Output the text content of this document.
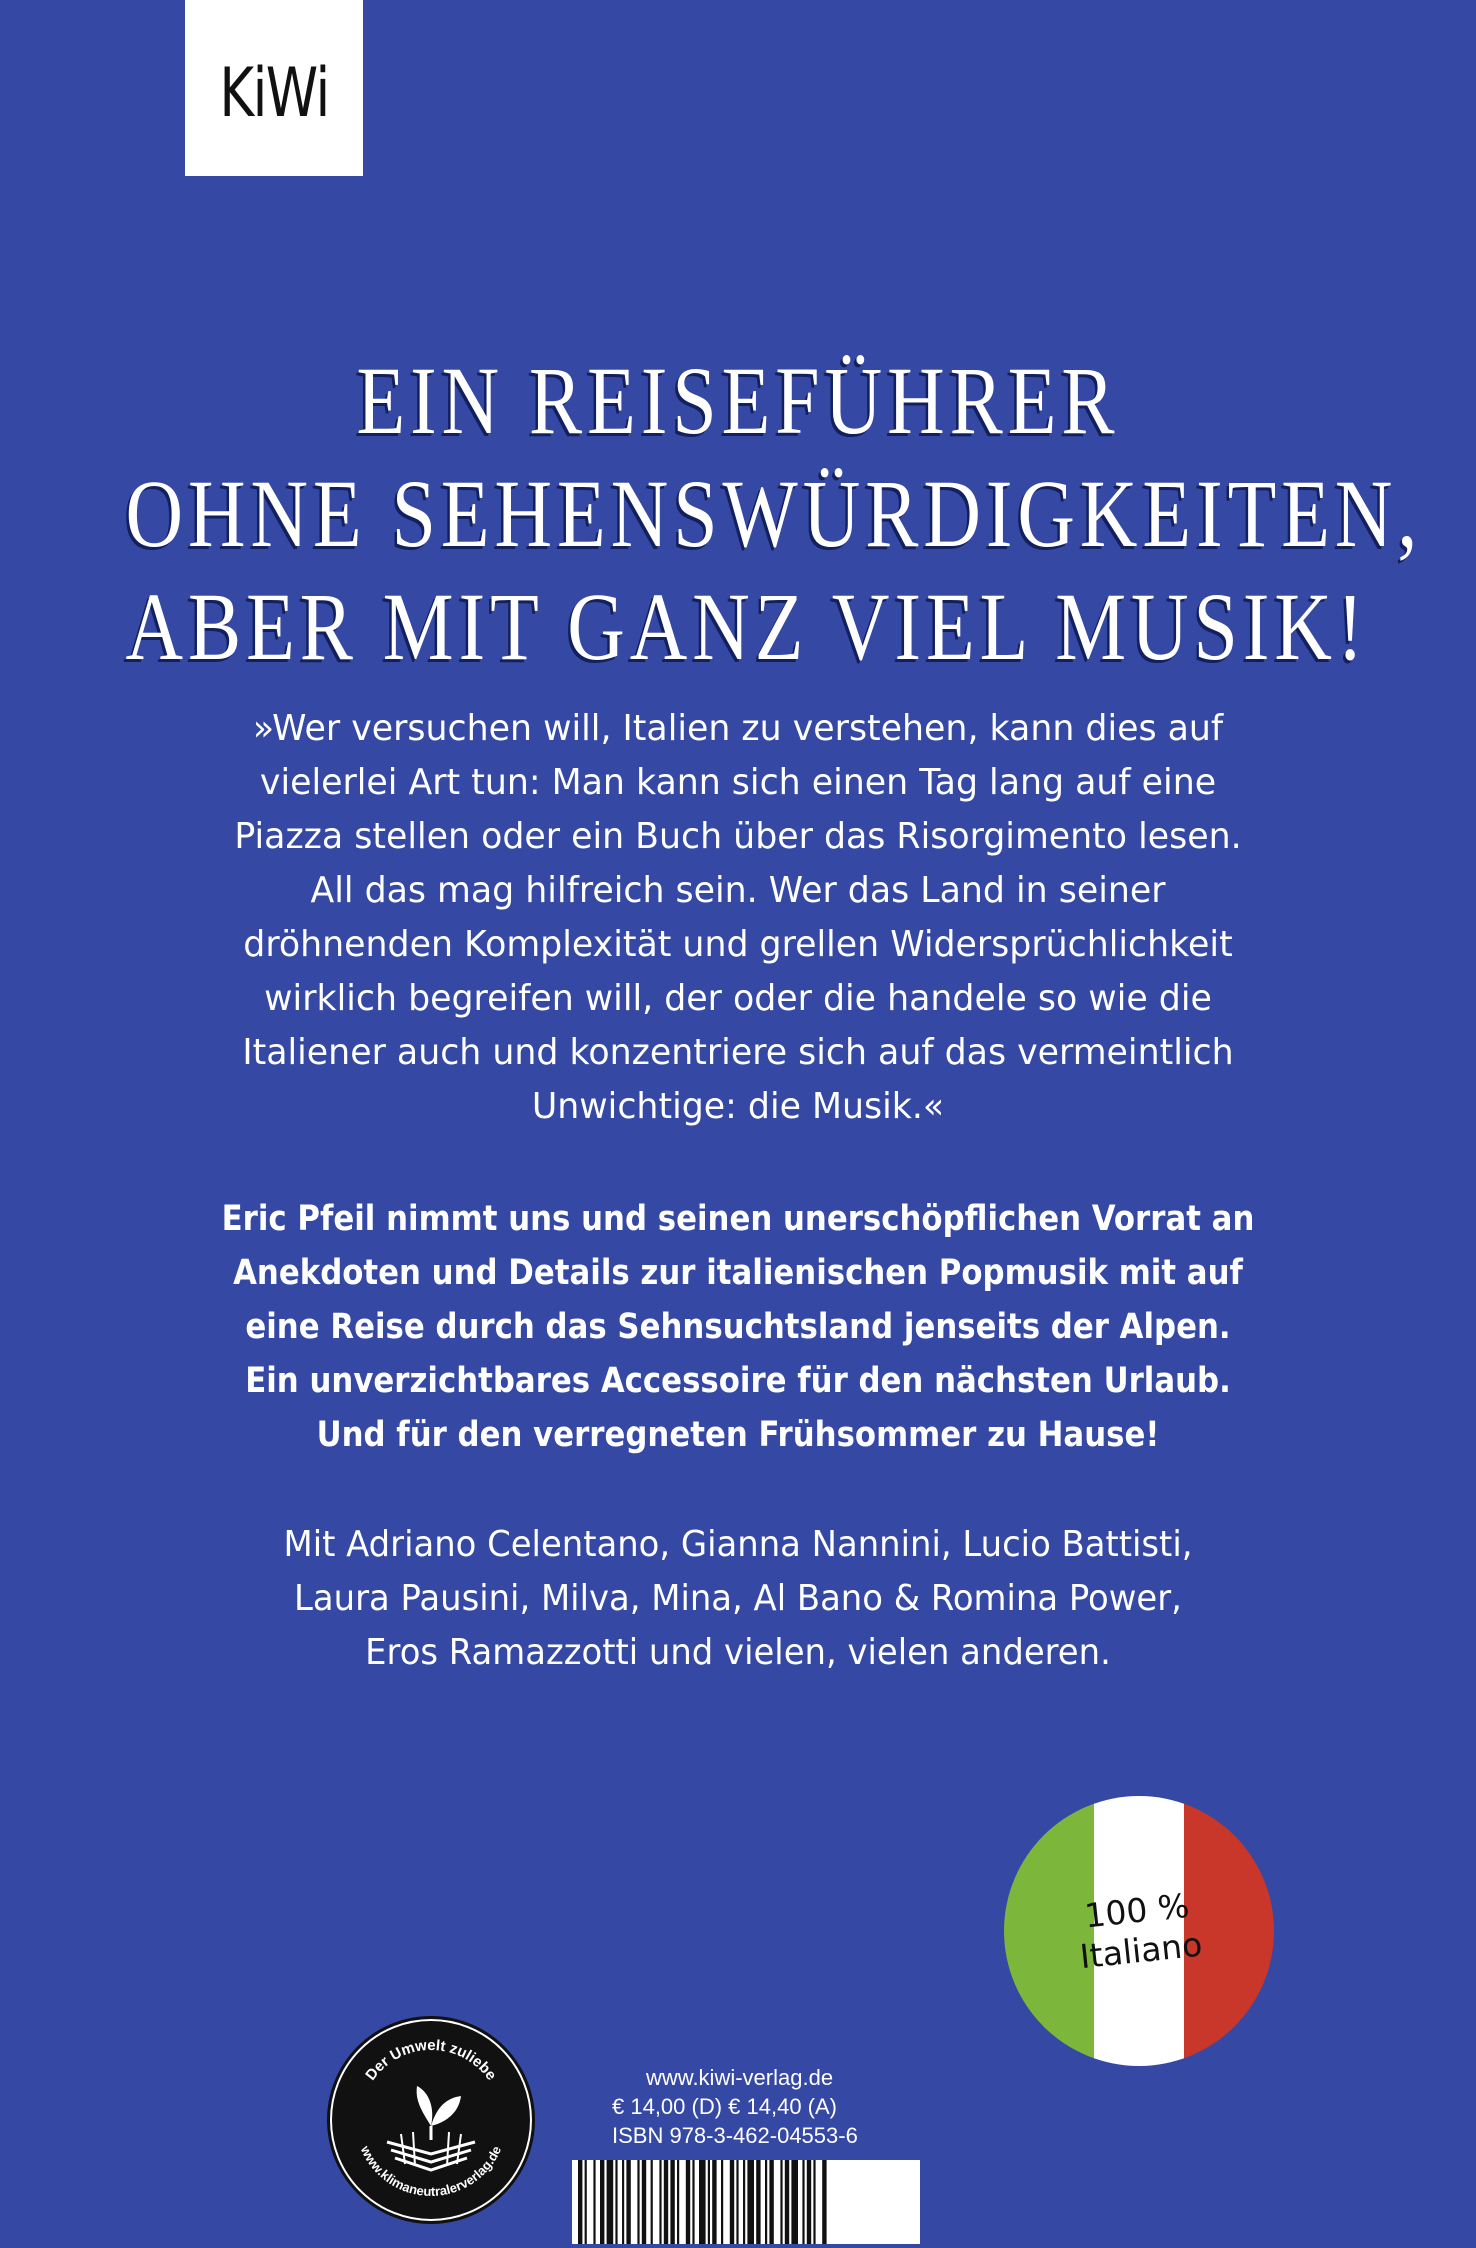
KiWi
EIN REISEFÜHRER
OHNE SEHENSWÜRDIGKEITEN,
ABER MIT GANZ VIEL MUSIK!
»Wer versuchen will, Italien zu verstehen, kann dies auf
vielerlei Art tun: Man kann sich einen Tag lang auf eine
Piazza stellen oder ein Buch über das Risorgimento lesen.
All das mag hilfreich sein. Wer das Land in seiner
dröhnenden Komplexität und grellen Widersprüchlichkeit
wirklich begreifen will, der oder die handele so wie die
Italiener auch und konzentriere sich auf das vermeintlich
Unwichtige: die Musik.«
Eric Pfeil nimmt uns und seinen unerschöpflichen Vorrat an
Anekdoten und Details zur italienischen Popmusik mit auf
eine Reise durch das Sehnsuchtsland jenseits der Alpen.
Ein unverzichtbares Accessoire für den nächsten Urlaub.
Und für den verregneten Frühsommer zu Hause!
Mit Adriano Celentano, Gianna Nannini, Lucio Battisti,
Laura Pausini, Milva, Mina, Al Bano & Romina Power,
Eros Ramazzotti und vielen, vielen anderen.
100 %
Italiano
Der Umwelt zuliebe
www.klimaneutralerverlag.de
www.kiwi-verlag.de
€ 14,00 (D) € 14,40 (A)
ISBN 978-3-462-04553-6
